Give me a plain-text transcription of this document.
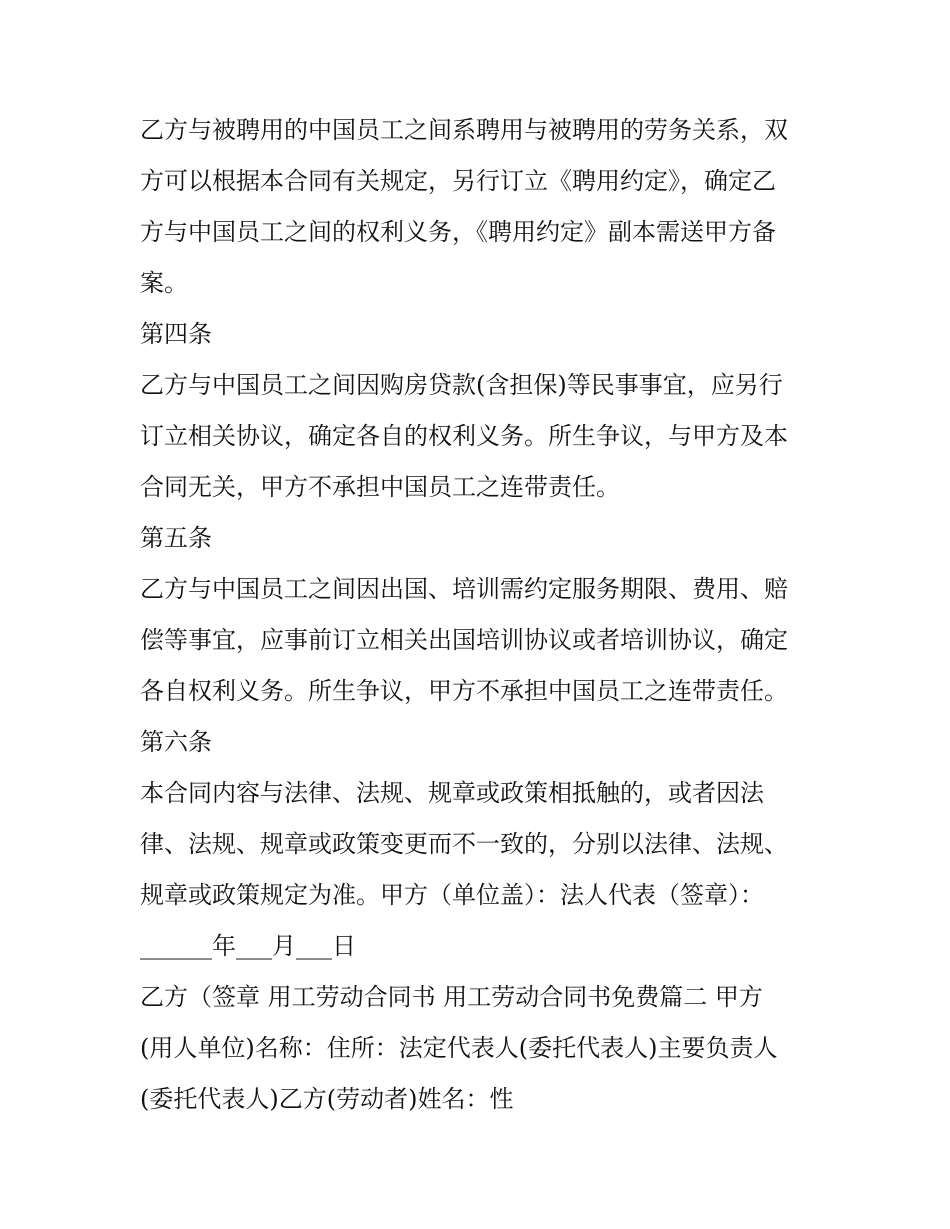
乙方与被聘用的中国员工之间系聘用与被聘用的劳务关系，双
方可以根据本合同有关规定，另行订立《聘用约定》，确定乙
方与中国员工之间的权利义务，《聘用约定》副本需送甲方备
案。
第四条
乙方与中国员工之间因购房贷款(含担保)等民事事宜，应另行
订立相关协议，确定各自的权利义务。所生争议，与甲方及本
合同无关，甲方不承担中国员工之连带责任。
第五条
乙方与中国员工之间因出国、培训需约定服务期限、费用、赔
偿等事宜，应事前订立相关出国培训协议或者培训协议，确定
各自权利义务。所生争议，甲方不承担中国员工之连带责任。
第六条
本合同内容与法律、法规、规章或政策相抵触的，或者因法
律、法规、规章或政策变更而不一致的，分别以法律、法规、
规章或政策规定为准。甲方（单位盖）：法人代表（签章）：
______年___月___日
乙方（签章 用工劳动合同书 用工劳动合同书免费篇二 甲方
(用人单位)名称：住所：法定代表人(委托代表人)主要负责人
(委托代表人)乙方(劳动者)姓名：性
